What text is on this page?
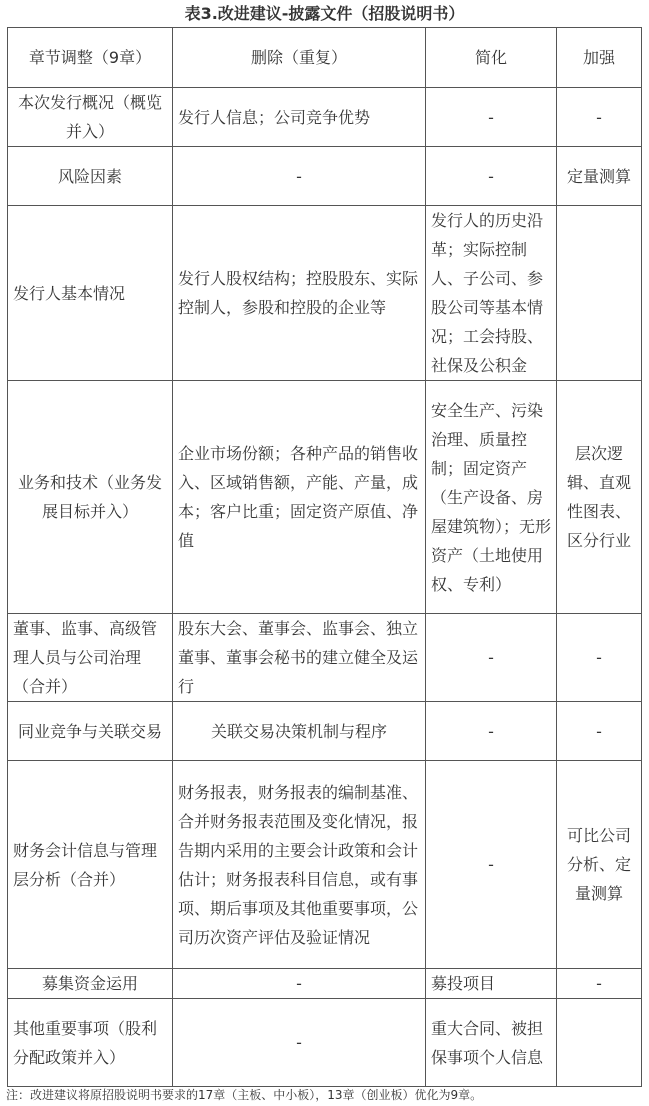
表3.改进建议-披露文件（招股说明书）
章节调整（9章）	删除（重复）	简化	加强
本次发行概况（概览并入）	发行人信息；公司竞争优势	-	-
风险因素	-	-	定量测算
发行人基本情况	发行人股权结构；控股股东、实际控制人，参股和控股的企业等	发行人的历史沿革；实际控制人、子公司、参股公司等基本情况；工会持股、社保及公积金	
业务和技术（业务发展目标并入）	企业市场份额；各种产品的销售收入、区域销售额，产能、产量，成本；客户比重；固定资产原值、净值	安全生产、污染治理、质量控制；固定资产（生产设备、房屋建筑物）；无形资产（土地使用权、专利）	层次逻辑、直观性图表、区分行业
董事、监事、高级管理人员与公司治理（合并）	股东大会、董事会、监事会、独立董事、董事会秘书的建立健全及运行	-	-
同业竞争与关联交易	关联交易决策机制与程序	-	-
财务会计信息与管理层分析（合并）	财务报表，财务报表的编制基准、合并财务报表范围及变化情况，报告期内采用的主要会计政策和会计估计；财务报表科目信息，或有事项、期后事项及其他重要事项，公司历次资产评估及验证情况	-	可比公司分析、定量测算
募集资金运用	-	募投项目	-
其他重要事项（股利分配政策并入）	-	重大合同、被担保事项个人信息	
注：改进建议将原招股说明书要求的17章（主板、中小板），13章（创业板）优化为9章。
